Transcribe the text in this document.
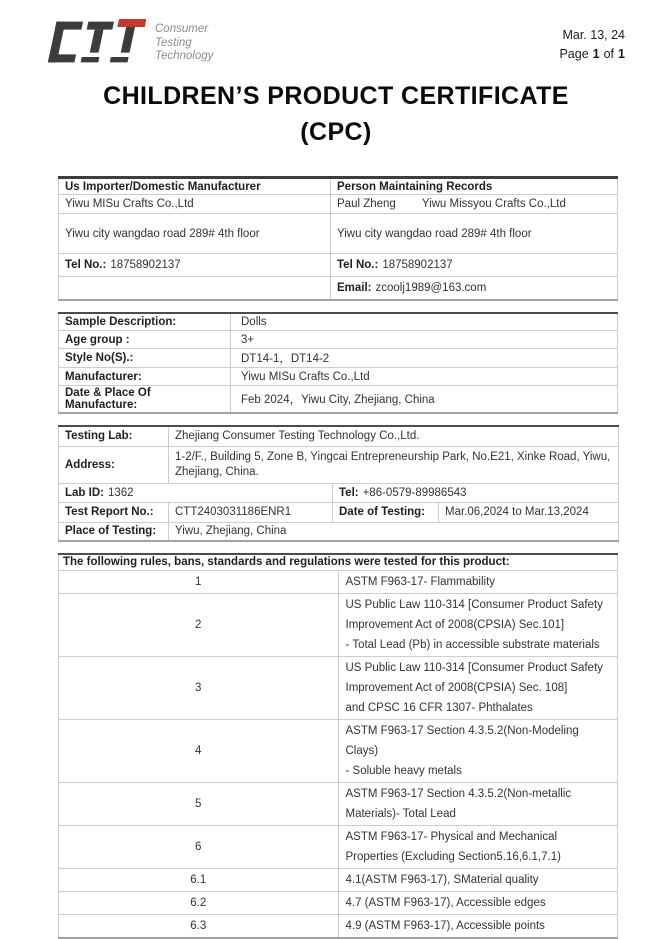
Consumer
Testing
Technology
Mar. 13, 24
Page 1 of 1
CHILDREN’S PRODUCT CERTIFICATE
(CPC)
Us Importer/Domestic Manufacturer	Person Maintaining Records
Yiwu MISu Crafts Co.,Ltd	Paul Zheng Yiwu Missyou Crafts Co.,Ltd
Yiwu city wangdao road 289# 4th floor	Yiwu city wangdao road 289# 4th floor
Tel No.: 18758902137	Tel No.: 18758902137
	Email: zcoolj1989@163.com
Sample Description:	Dolls
Age group :	3+
Style No(S).:	DT14-1，DT14-2
Manufacturer:	Yiwu MISu Crafts Co.,Ltd
Date & Place Of Manufacture:	Feb 2024，Yiwu City, Zhejiang, China
Testing Lab:	Zhejiang Consumer Testing Technology Co.,Ltd.		
Address:	1-2/F., Building 5, Zone B, Yingcai Entrepreneurship Park, No.E21, Xinke Road, Yiwu, Zhejiang, China.		
Lab ID: 1362		Tel: +86-0579-89986543	
Test Report No.:	CTT2403031186ENR1	Date of Testing:	Mar.06,2024 to Mar.13,2024
Place of Testing:	Yiwu, Zhejiang, China		
The following rules, bans, standards and regulations were tested for this product:	
1	ASTM F963-17- Flammability

2	US Public Law 110-314 [Consumer Product Safety Improvement Act of 2008(CPSIA) Sec.101]
- Total Lead (Pb) in accessible substrate materials

3	US Public Law 110-314 [Consumer Product Safety Improvement Act of 2008(CPSIA) Sec. 108]
and CPSC 16 CFR 1307- Phthalates

4	ASTM F963-17 Section 4.3.5.2(Non-Modeling Clays)
- Soluble heavy metals

5	ASTM F963-17 Section 4.3.5.2(Non-metallic Materials)- Total Lead

6	ASTM F963-17- Physical and Mechanical Properties (Excluding Section5.16,6.1,7.1)

6.1	4.1(ASTM F963-17), SMaterial quality

6.2	4.7 (ASTM F963-17), Accessible edges

6.3	4.9 (ASTM F963-17), Accessible points
